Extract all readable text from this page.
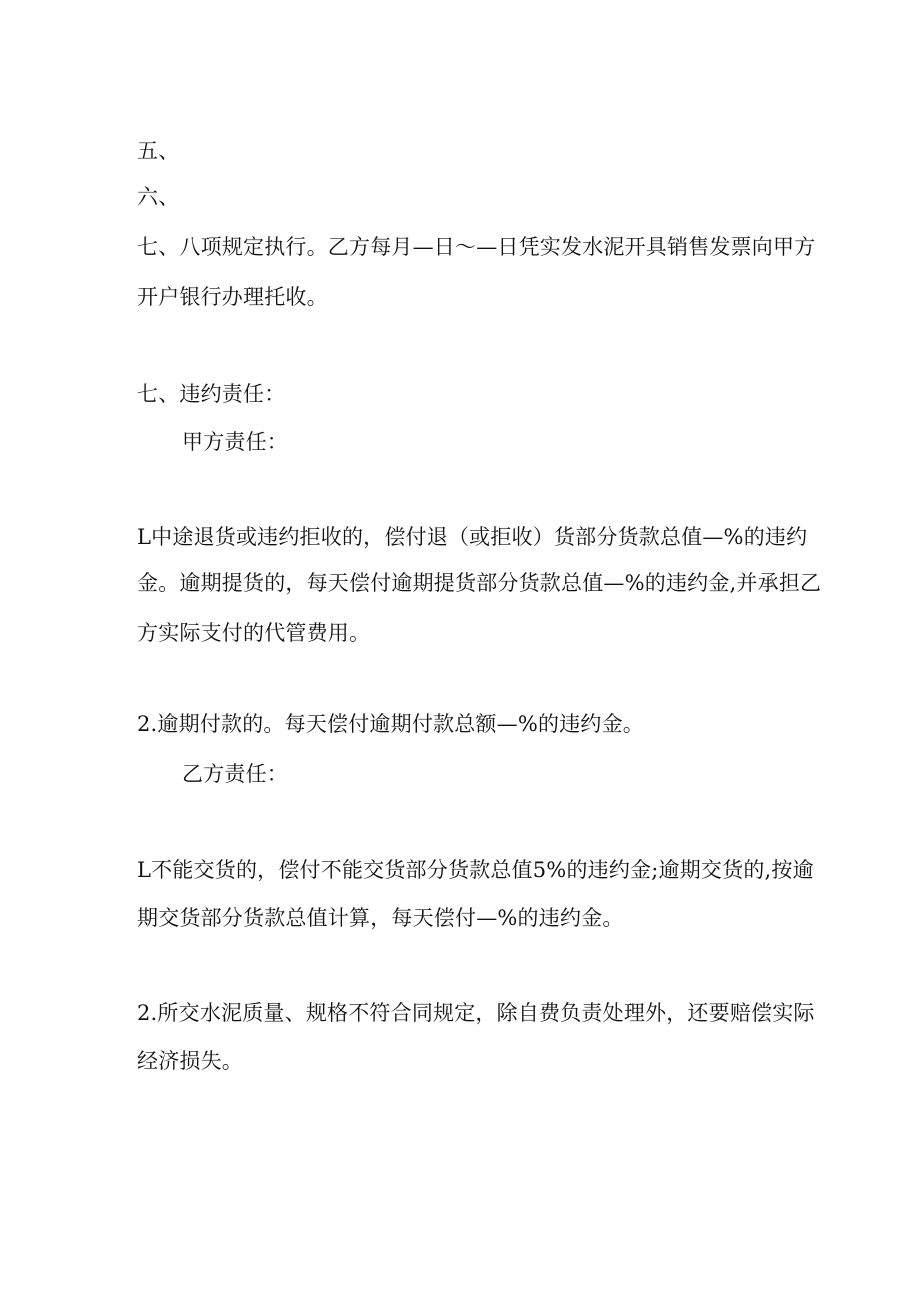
五、
六、
七、八项规定执行。乙方每月—日～—日凭实发水泥开具销售发票向甲方
开户银行办理托收。
七、违约责任：
甲方责任：
L中途退货或违约拒收的，偿付退（或拒收）货部分货款总值—%的违约
金。逾期提货的，每天偿付逾期提货部分货款总值—%的违约金,并承担乙
方实际支付的代管费用。
2.逾期付款的。每天偿付逾期付款总额—%的违约金。
乙方责任：
L不能交货的，偿付不能交货部分货款总值5%的违约金;逾期交货的,按逾
期交货部分货款总值计算，每天偿付—%的违约金。
2.所交水泥质量、规格不符合同规定，除自费负责处理外，还要赔偿实际
经济损失。
